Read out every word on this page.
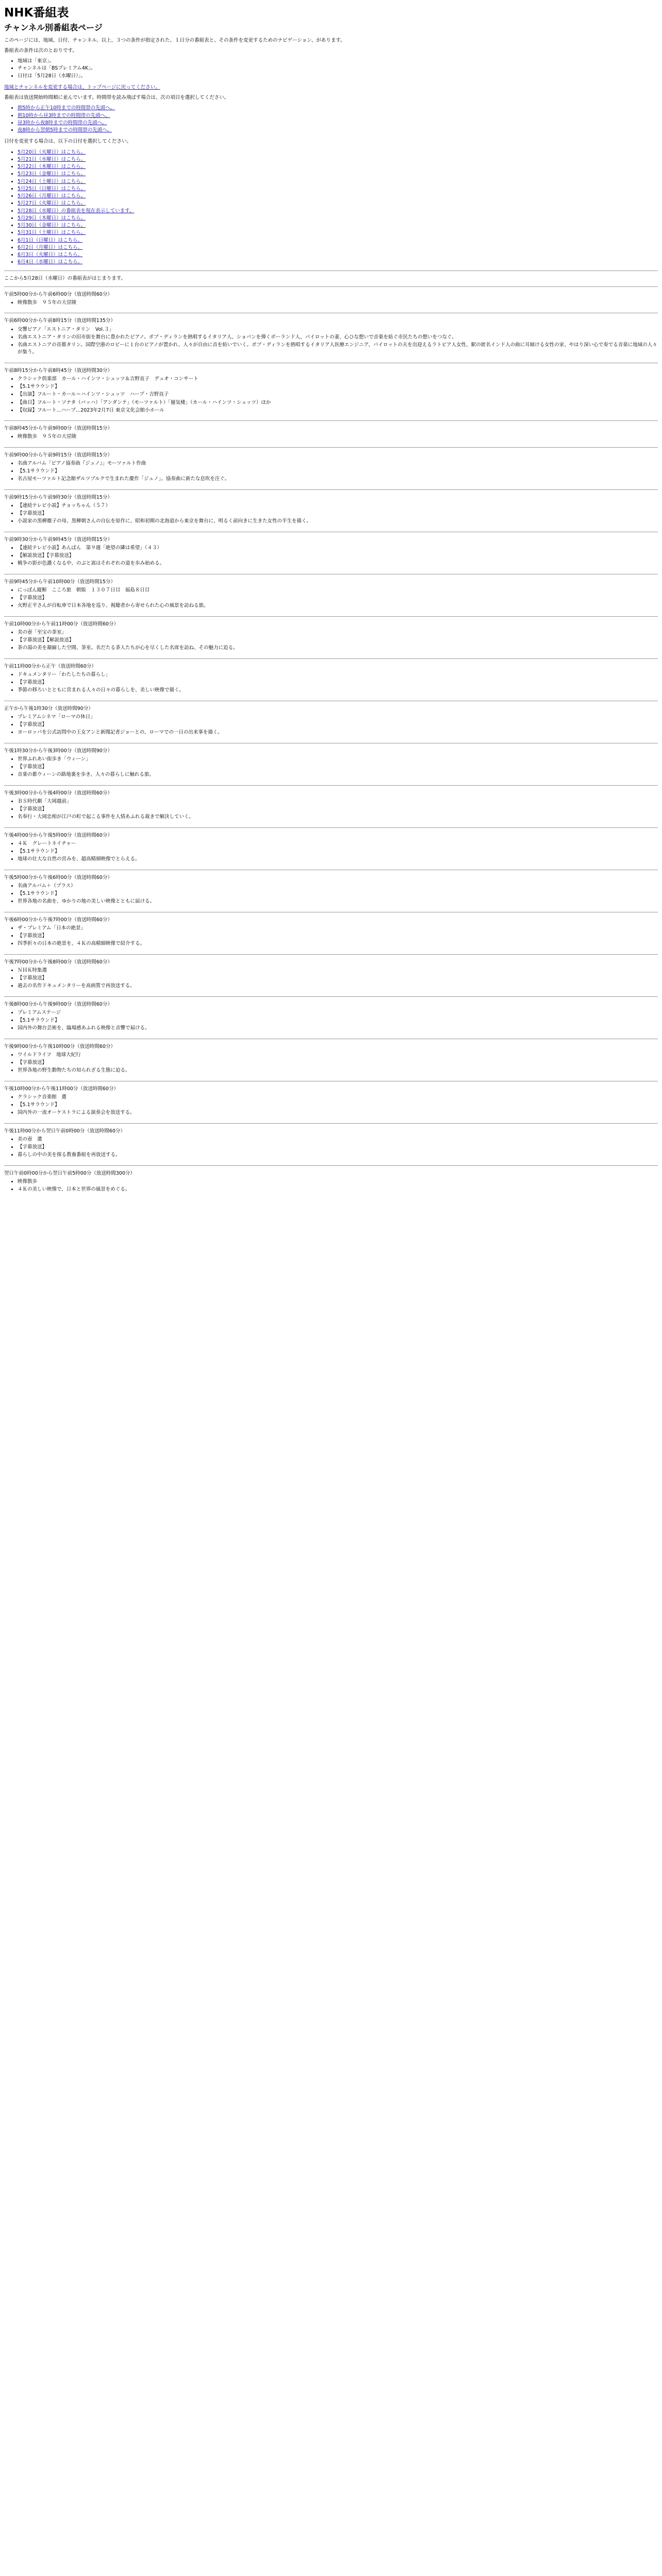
NHK番組表
チャンネル別番組表ページ

このページには、地域、日付、チャンネル、以上、３つの条件が指定された、１日分の番組表と、その条件を変更するためのナビゲーション、があります。

番組表の条件は次のとおりです。

• 地域は「東京」。
• チャンネルは「BSプレミアム4K」。
• 日付は「5月28日（水曜日）」。

地域とチャンネルを変更する場合は、トップページに戻ってください。

番組表は放送開始時間順に並んでいます。時間帯を読み飛ばす場合は、次の項目を選択してください。

• 朝5時から正午10時までの時間帯の先頭へ。
• 朝10時から昼3時までの時間帯の先頭へ。
• 昼3時から夜8時までの時間帯の先頭へ。
• 夜8時から翌朝5時までの時間帯の先頭へ。

日付を変更する場合は、以下の日付を選択してください。

• 5月20日（火曜日）はこちら。
• 5月21日（水曜日）はこちら。
• 5月22日（木曜日）はこちら。
• 5月23日（金曜日）はこちら。
• 5月24日（土曜日）はこちら。
• 5月25日（日曜日）はこちら。
• 5月26日（月曜日）はこちら。
• 5月27日（火曜日）はこちら。
• 5月28日（水曜日）の番組表を現在表示しています。
• 5月29日（木曜日）はこちら。
• 5月30日（金曜日）はこちら。
• 5月31日（土曜日）はこちら。
• 6月1日（日曜日）はこちら。
• 6月2日（月曜日）はこちら。
• 6月3日（火曜日）はこちら。
• 6月4日（水曜日）はこちら。

ここから5月28日（水曜日）の番組表がはじまります。

午前5時00分から午前6時00分（放送時間60分）
• 映像散歩　９５年の大冒険
午前6時00分から午前8時15分（放送時間135分）
• 交響ピアノ「エストニア・タリン　Vol.３」
• 名曲エストニア・タリンの旧市街を舞台に豊かれたピアノ。ボブ・ディランを熱唱するイタリア人、ショパンを弾くポーランド人、パイロットの妻、心ひな想いで音楽を紡ぐ市民たちの想いをつなぐ。
• 名曲エストニアの首都タリン。国際空港のロビーに１台のピアノが置かれ、人々が自由に音を紡いでいく。ボブ・ディランを熱唱するイタリア人医療エンジニア、パイロットの夫を出迎えるラトビア人女性、駅の匿名インド人の曲に耳傾ける女性の家、やはり深い心で奏でる音楽に地域の人々が集う。
午前8時15分から午前8時45分（放送時間30分）
• クラシック倶楽部　カール・ハインツ・シュッツ＆吉野直子　デュオ・コンサート
• 【5.1サラウンド】
• 【出演】フルート・カール＝ハインツ・シュッツ　ハープ・吉野直子
• 【曲目】フルート・ソナタ（バッハ）「アンダンテ」（モーツァルト）「蜃気楼」（カール・ハインツ・シュッツ）ほか
• 【収録】フルート...ハープ…2023年2月7日 東京文化会館小ホール
午前8時45分から午前9時00分（放送時間15分）
• 映像散歩　９５年の大冒険
午前9時00分から午前9時15分（放送時間15分）
• 名曲アルバム「ピアノ協奏曲『ジュノ』」モーツァルト作曲
• 【5.1サラウンド】
• 名古屋モーツァルト記念館ザルツブルクで生まれた慶作「ジュノ」。協奏曲に新たな息吹を注ぐ。
午前9時15分から午前9時30分（放送時間15分）
• 【連続テレビ小説】チョッちゃん（５７）
• 【字幕放送】
• 小説家の黒柳徹子の母、黒柳朝さんの自伝を原作に、昭和初期の北海道から東京を舞台に、明るく前向きに生きた女性の半生を描く。
午前9時30分から午前9時45分（放送時間15分）
• 【連続テレビ小説】あんぱん　第９週「絶望の隣は希望」（４３）
• 【解説放送】【字幕放送】
• 戦争の影が色濃くなる中、のぶと嵩はそれぞれの道を歩み始める。
午前9時45分から午前10時00分（放送時間15分）
• にっぽん縦断　こころ旅　朝版　１３０７日目　福島８日目
• 【字幕放送】
• 火野正平さんが自転車で日本各地を巡り、視聴者から寄せられた心の風景を訪ねる旅。
午前10時00分から午前11時00分（放送時間60分）
• 美の壺「至宝の茶室」
• 【字幕放送】【解説放送】
• 茶の湯の美を凝縮した空間、茶室。名だたる茶人たちが心を尽くした名席を訪ね、その魅力に迫る。
午前11時00分から正午（放送時間60分）
• ドキュメンタリー「わたしたちの暮らし」
• 【字幕放送】
• 季節の移ろいとともに営まれる人々の日々の暮らしを、美しい映像で描く。
正午から午後1時30分（放送時間90分）
• プレミアムシネマ「ローマの休日」
• 【字幕放送】
• ヨーロッパを公式訪問中の王女アンと新聞記者ジョーとの、ローマでの一日の出来事を描く。
午後1時30分から午後3時00分（放送時間90分）
• 世界ふれあい街歩き「ウィーン」
• 【字幕放送】
• 音楽の都ウィーンの路地裏を歩き、人々の暮らしに触れる旅。
午後3時00分から午後4時00分（放送時間60分）
• ＢＳ時代劇「大岡越前」
• 【字幕放送】
• 名奉行・大岡忠相が江戸の町で起こる事件を人情あふれる裁きで解決していく。
午後4時00分から午後5時00分（放送時間60分）
• ４Ｋ　グレートネイチャー
• 【5.1サラウンド】
• 地球の壮大な自然の営みを、超高精細映像でとらえる。
午後5時00分から午後6時00分（放送時間60分）
• 名曲アルバム＋（プラス）
• 【5.1サラウンド】
• 世界各地の名曲を、ゆかりの地の美しい映像とともに届ける。
午後6時00分から午後7時00分（放送時間60分）
• ザ・プレミアム「日本の絶景」
• 【字幕放送】
• 四季折々の日本の絶景を、４Ｋの高精細映像で紹介する。
午後7時00分から午後8時00分（放送時間60分）
• ＮＨＫ特集選
• 【字幕放送】
• 過去の名作ドキュメンタリーを高画質で再放送する。
午後8時00分から午後9時00分（放送時間60分）
• プレミアムステージ
• 【5.1サラウンド】
• 国内外の舞台芸術を、臨場感あふれる映像と音響で届ける。
午後9時00分から午後10時00分（放送時間60分）
• ワイルドライフ　地球大紀行
• 【字幕放送】
• 世界各地の野生動物たちの知られざる生態に迫る。
午後10時00分から午後11時00分（放送時間60分）
• クラシック音楽館　選
• 【5.1サラウンド】
• 国内外の一流オーケストラによる演奏会を放送する。
午後11時00分から翌日午前0時00分（放送時間60分）
• 美の壺　選
• 【字幕放送】
• 暮らしの中の美を探る教養番組を再放送する。
翌日午前0時00分から翌日午前5時00分（放送時間300分）
• 映像散歩
• ４Ｋの美しい映像で、日本と世界の風景をめぐる。
